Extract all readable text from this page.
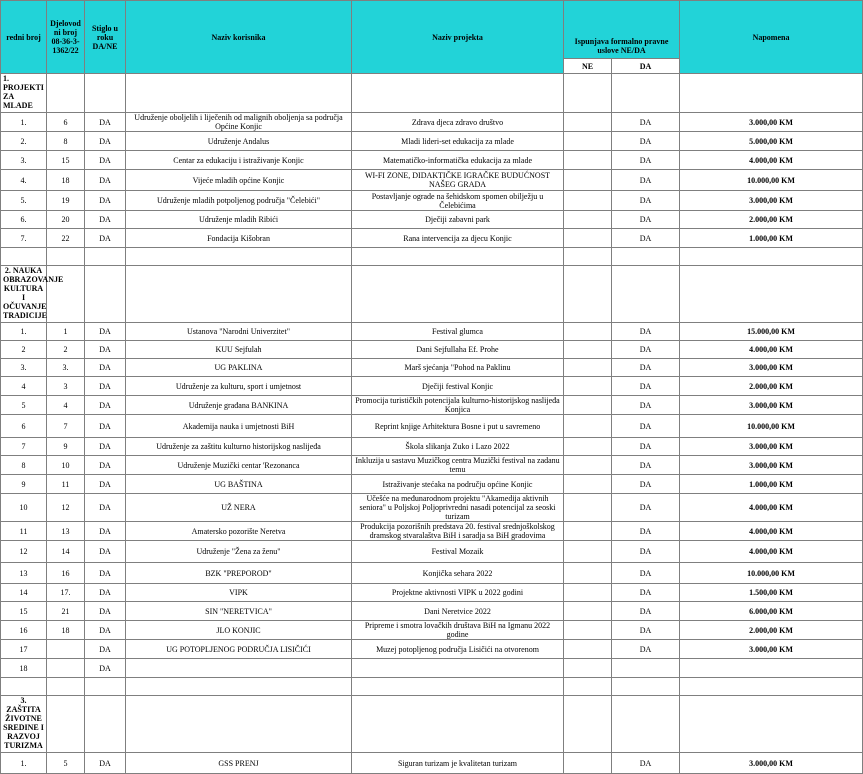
redni broj	Djelovod ni broj 08-36-3-1362/22	Stiglo u roku DA/NE	Naziv korisnika	Naziv projekta	Ispunjava formalno pravne uslove NE/DA		Napomena
					NE	DA	
1. PROJEKTI ZA MLADE							
1.	6	DA	Udruženje oboljelih i liječenih od malignih oboljenja sa područja Općine Konjic	Zdrava djeca zdravo društvo		DA	3.000,00 KM
2.	8	DA	Udruženje Andalus	Mladi lideri-set edukacija za mlade		DA	5.000,00 KM
3.	15	DA	Centar za edukaciju i istraživanje Konjic	Matematičko-informatička edukacija za mlade		DA	4.000,00 KM
4.	18	DA	Vijeće mladih općine Konjic	WI-FI ZONE, DIDAKTIČKE IGRAČKE BUDUĆNOST NAŠEG GRADA		DA	10.000,00 KM
5.	19	DA	Udruženje mladih potpoljenog područja "Čelebići"	Postavljanje ograde na šehidskom spomen obilježju u Čelebićima		DA	3.000,00 KM
6.	20	DA	Udruženje mladih Ribići	Dječiji zabavni park		DA	2.000,00 KM
7.	22	DA	Fondacija Kišobran	Rana intervencija za djecu Konjic		DA	1.000,00 KM

2. NAUKA OBRAZOVANJE KULTURA I OČUVANJE TRADICIJE							
1.	1	DA	Ustanova "Narodni Univerzitet"	Festival glumca		DA	15.000,00 KM
2	2	DA	KUU Sejfulah	Dani Sejfullaha Ef. Prohe		DA	4.000,00 KM
3.	3.	DA	UG PAKLINA	Marš sjećanja "Pohod na Paklinu		DA	3.000,00 KM
4	3	DA	Udruženje za kulturu, sport i umjetnost	Dječiji festival Konjic		DA	2.000,00 KM
5	4	DA	Udruženje građana BANKINA	Promocija turističkih potencijala kulturno-historijskog naslijeđa Konjica		DA	3.000,00 KM
6	7	DA	Akademija nauka i umjetnosti BiH	Reprint knjige Arhitektura Bosne i put u savremeno		DA	10.000,00 KM
7	9	DA	Udruženje za zaštitu kulturno historijskog naslijeđa	Škola slikanja Zuko i Lazo 2022		DA	3.000,00 KM
8	10	DA	Udruženje Muzički centar 'Rezonanca	Inkluzija u sastavu Muzičkog centra Muzički festival na zadanu temu		DA	3.000,00 KM
9	11	DA	UG BAŠTINA	Istraživanje stećaka na području općine Konjic		DA	1.000,00 KM
10	12	DA	UŽ NERA	Učešće na međunarodnom projektu "Akamedija aktivnih seniora" u Poljskoj Poljoprivredni nasadi potencijal za seoski turizam		DA	4.000,00 KM
11	13	DA	Amatersko pozorište Neretva	Produkcija pozorišnih predstava 20. festival srednjoškolskog dramskog stvaralaštva BiH i saradja sa BiH gradovima		DA	4.000,00 KM
12	14	DA	Udruženje "Žena za ženu"	Festival Mozaik		DA	4.000,00 KM
13	16	DA	BZK "PREPOROD"	Konjička sehara 2022		DA	10.000,00 KM
14	17.	DA	VIPK	Projektne aktivnosti VIPK u 2022 godini		DA	1.500,00 KM
15	21	DA	SIN "NERETVICA"	Dani Neretvice 2022		DA	6.000,00 KM
16	18	DA	JLO KONJIC	Pripreme i smotra lovačkih društava BiH na Igmanu 2022 godine		DA	2.000,00 KM
17		DA	UG POTOPLJENOG PODRUČJA LISIČIĆI	Muzej potopljenog područja Lisičići na otvorenom		DA	3.000,00 KM
18		DA					

3. ZAŠTITA ŽIVOTNE SREDINE I RAZVOJ TURIZMA							
1.	5	DA	GSS PRENJ	Siguran turizam je kvalitetan turizam		DA	3.000,00 KM
